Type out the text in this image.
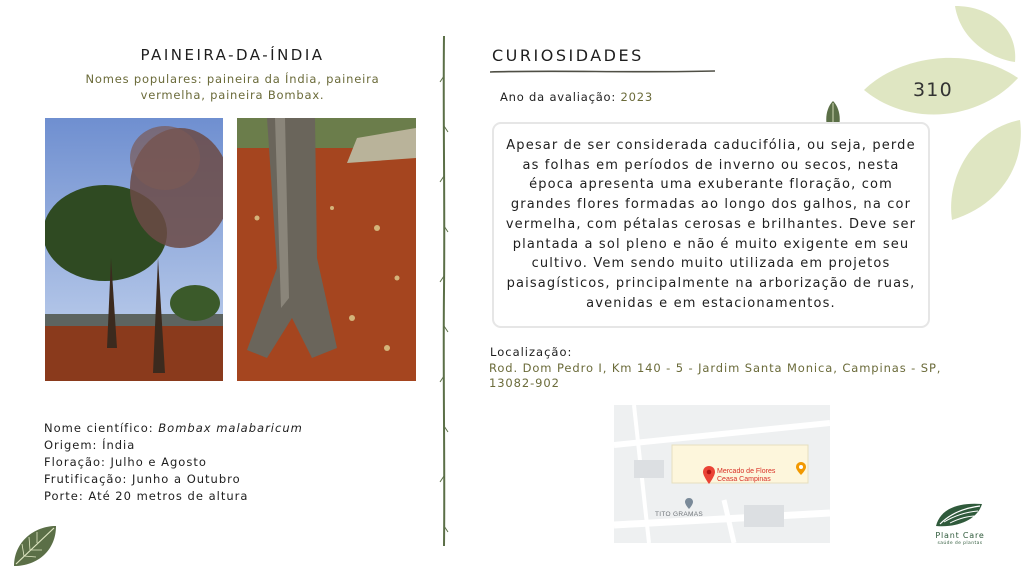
PAINEIRA-DA-ÍNDIA
Nomes populares: paineira da Índia, paineira vermelha, paineira Bombax.
Nome científico: Bombax malabaricum
Origem: Índia
Floração: Julho e Agosto
Frutificação: Junho a Outubro
Porte: Até 20 metros de altura
CURIOSIDADES
Ano da avaliação: 2023
Apesar de ser considerada caducifólia, ou seja, perde as folhas em períodos de inverno ou secos, nesta época apresenta uma exuberante floração, com grandes flores formadas ao longo dos galhos, na cor vermelha, com pétalas cerosas e brilhantes. Deve ser plantada a sol pleno e não é muito exigente em seu cultivo. Vem sendo muito utilizada em projetos paisagísticos, principalmente na arborização de ruas, avenidas e em estacionamentos.
Localização:
Rod. Dom Pedro I, Km 140 - 5 - Jardim Santa Monica, Campinas - SP, 13082-902
Mercado de Flores
Ceasa Campinas
TITO GRAMAS
310
Plant Care
saúde de plantas
